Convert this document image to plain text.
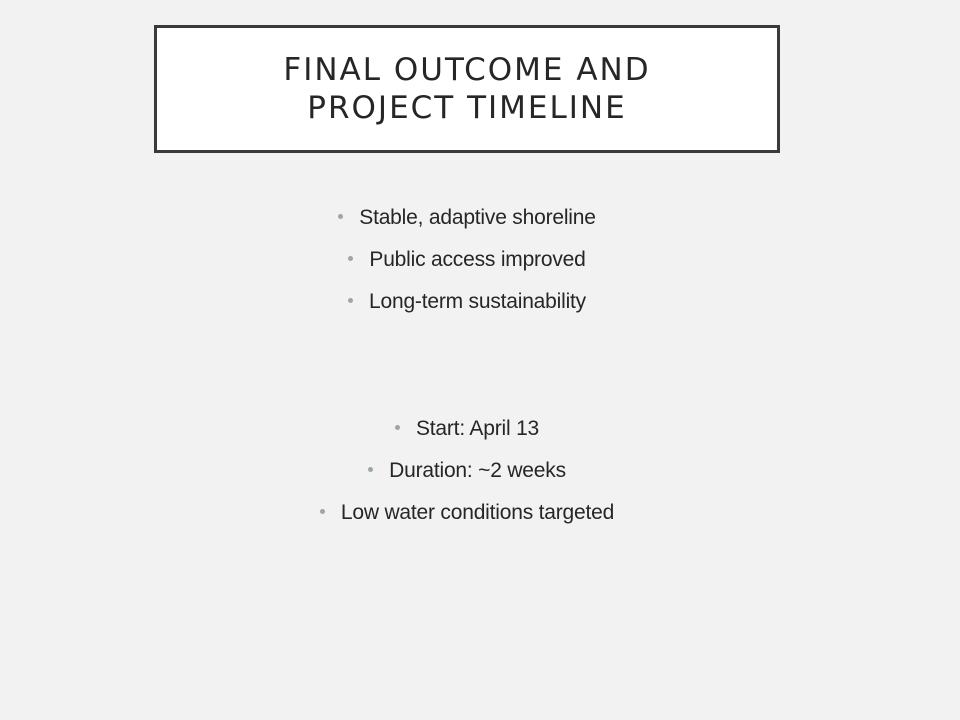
FINAL OUTCOME AND
PROJECT TIMELINE
Stable, adaptive shoreline
Public access improved
Long-term sustainability
Start: April 13
Duration: ~2 weeks
Low water conditions targeted
